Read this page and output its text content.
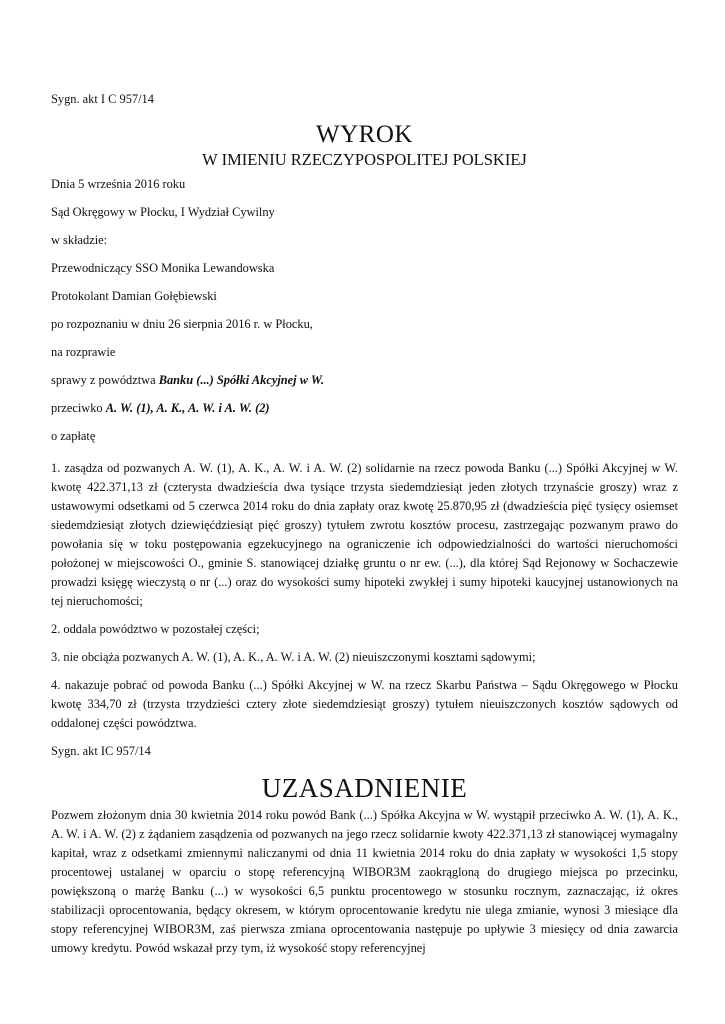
Sygn. akt I C 957/14

WYROK

W IMIENIU RZECZYPOSPOLITEJ POLSKIEJ

Dnia 5 września 2016 roku

Sąd Okręgowy w Płocku, I Wydział Cywilny

w składzie:

Przewodniczący SSO Monika Lewandowska

Protokolant Damian Gołębiewski

po rozpoznaniu w dniu 26 sierpnia 2016 r. w Płocku,

na rozprawie

sprawy z powództwa Banku (...) Spółki Akcyjnej w W.

przeciwko A. W. (1), A. K., A. W. i A. W. (2)

o zapłatę

1. zasądza od pozwanych A. W. (1), A. K., A. W. i A. W. (2) solidarnie na rzecz powoda Banku (...) Spółki Akcyjnej w W. kwotę 422.371,13 zł (czterysta dwadzieścia dwa tysiące trzysta siedemdziesiąt jeden złotych trzynaście groszy) wraz z ustawowymi odsetkami od 5 czerwca 2014 roku do dnia zapłaty oraz kwotę 25.870,95 zł (dwadzieścia pięć tysięcy osiemset siedemdziesiąt złotych dziewięćdziesiąt pięć groszy) tytułem zwrotu kosztów procesu, zastrzegając pozwanym prawo do powołania się w toku postępowania egzekucyjnego na ograniczenie ich odpowiedzialności do wartości nieruchomości położonej w miejscowości O., gminie S. stanowiącej działkę gruntu o nr ew. (...), dla której Sąd Rejonowy w Sochaczewie prowadzi księgę wieczystą o nr (...) oraz do wysokości sumy hipoteki zwykłej i sumy hipoteki kaucyjnej ustanowionych na tej nieruchomości;

2. oddala powództwo w pozostałej części;

3. nie obciąża pozwanych A. W. (1), A. K., A. W. i A. W. (2) nieuiszczonymi kosztami sądowymi;

4. nakazuje pobrać od powoda Banku (...) Spółki Akcyjnej w W. na rzecz Skarbu Państwa – Sądu Okręgowego w Płocku kwotę 334,70 zł (trzysta trzydzieści cztery złote siedemdziesiąt groszy) tytułem nieuiszczonych kosztów sądowych od oddalonej części powództwa.

Sygn. akt IC 957/14

UZASADNIENIE

Pozwem złożonym dnia 30 kwietnia 2014 roku powód Bank (...) Spółka Akcyjna w W. wystąpił przeciwko A. W. (1), A. K., A. W. i A. W. (2) z żądaniem zasądzenia od pozwanych na jego rzecz solidarnie kwoty 422.371,13 zł stanowiącej wymagalny kapitał, wraz z odsetkami zmiennymi naliczanymi od dnia 11 kwietnia 2014 roku do dnia zapłaty w wysokości 1,5 stopy procentowej ustalanej w oparciu o stopę referencyjną WIBOR3M zaokrągloną do drugiego miejsca po przecinku, powiększoną o marżę Banku (...) w wysokości 6,5 punktu procentowego w stosunku rocznym, zaznaczając, iż okres stabilizacji oprocentowania, będący okresem, w którym oprocentowanie kredytu nie ulega zmianie, wynosi 3 miesiące dla stopy referencyjnej WIBOR3M, zaś pierwsza zmiana oprocentowania następuje po upływie 3 miesięcy od dnia zawarcia umowy kredytu. Powód wskazał przy tym, iż wysokość stopy referencyjnej
